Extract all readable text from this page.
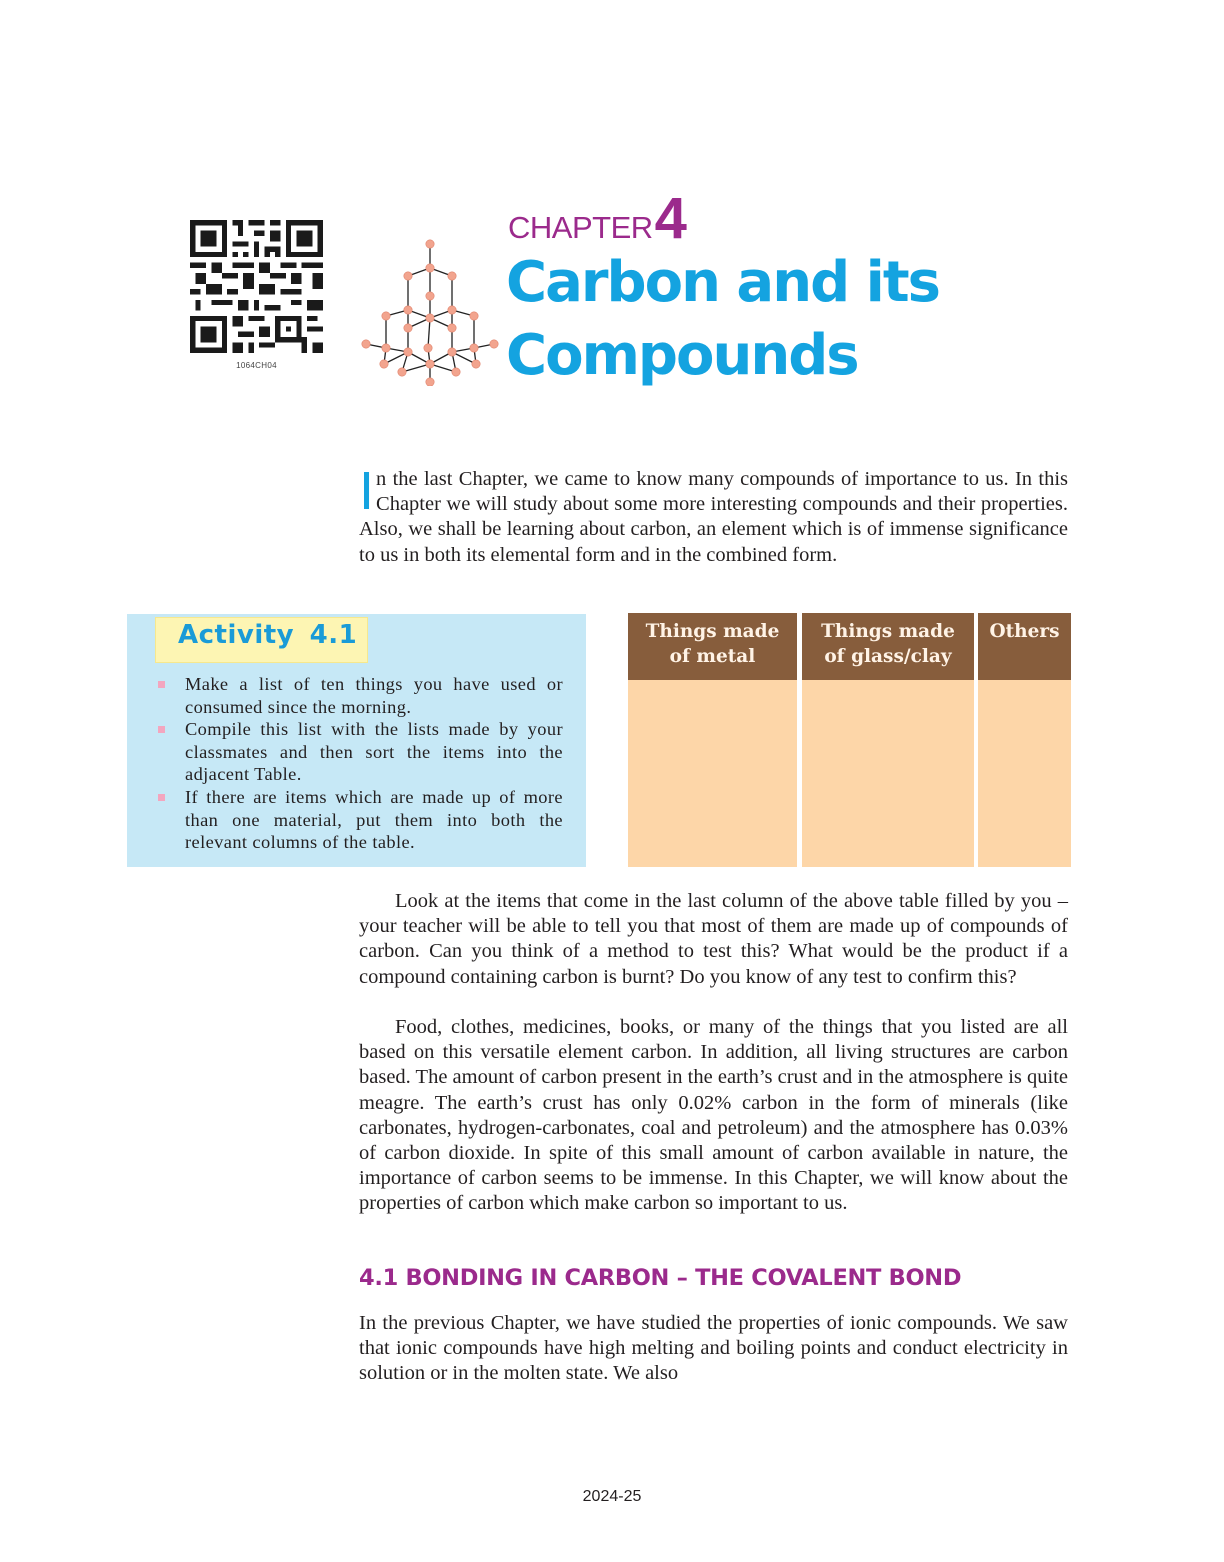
1064CH04
CHAPTER4
Carbon and its
Compounds
In the last Chapter, we came to know many compounds of importance to us. In this Chapter we will study about some more interesting compounds and their properties. Also, we shall be learning about carbon, an element which is of immense significance to us in both its elemental form and in the combined form.
Activity 4.1
Make a list of ten things you have used or consumed since the morning.
Compile this list with the lists made by your classmates and then sort the items into the adjacent Table.
If there are items which are made up of more than one material, put them into both the relevant columns of the table.
Things made
of metal
Things made
of glass/clay
Others
Look at the items that come in the last column of the above table filled by you – your teacher will be able to tell you that most of them are made up of compounds of carbon. Can you think of a method to test this? What would be the product if a compound containing carbon is burnt? Do you know of any test to confirm this?
Food, clothes, medicines, books, or many of the things that you listed are all based on this versatile element carbon. In addition, all living structures are carbon based. The amount of carbon present in the earth’s crust and in the atmosphere is quite meagre. The earth’s crust has only 0.02% carbon in the form of minerals (like carbonates, hydrogen-carbonates, coal and petroleum) and the atmosphere has 0.03% of carbon dioxide. In spite of this small amount of carbon available in nature, the importance of carbon seems to be immense. In this Chapter, we will know about the properties of carbon which make carbon so important to us.
4.1 BONDING IN CARBON – THE COVALENT BOND
In the previous Chapter, we have studied the properties of ionic compounds. We saw that ionic compounds have high melting and boiling points and conduct electricity in solution or in the molten state. We also
2024-25
